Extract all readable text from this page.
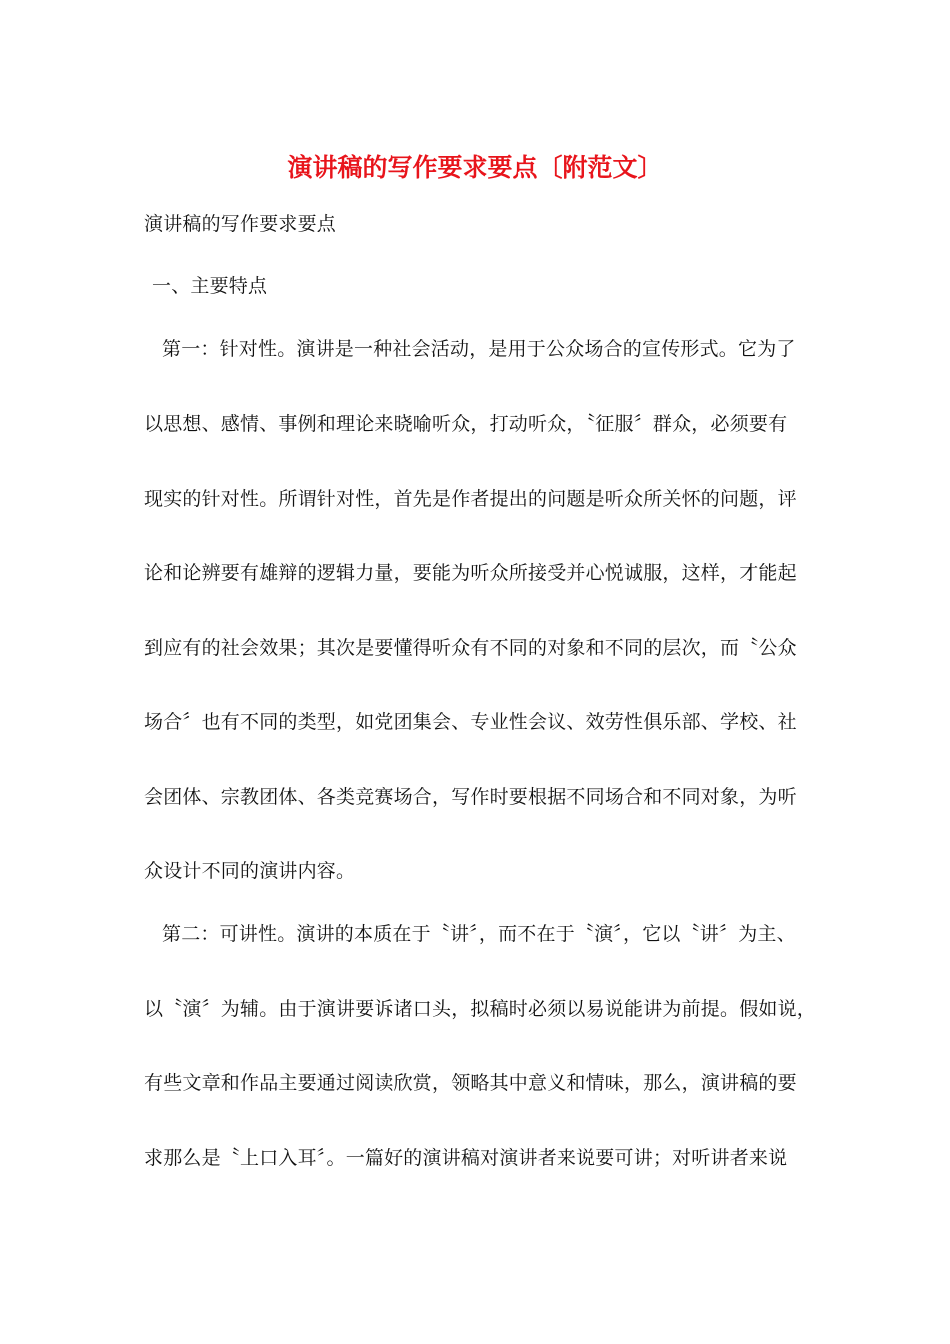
演讲稿的写作要求要点〔附范文〕
演讲稿的写作要求要点
一、主要特点
第一：针对性。演讲是一种社会活动，是用于公众场合的宣传形式。它为了
以思想、感情、事例和理论来晓喻听众，打动听众，〝征服〞群众，必须要有
现实的针对性。所谓针对性，首先是作者提出的问题是听众所关怀的问题，评
论和论辨要有雄辩的逻辑力量，要能为听众所接受并心悦诚服，这样，才能起
到应有的社会效果；其次是要懂得听众有不同的对象和不同的层次，而〝公众
场合〞也有不同的类型，如党团集会、专业性会议、效劳性俱乐部、学校、社
会团体、宗教团体、各类竞赛场合，写作时要根据不同场合和不同对象，为听
众设计不同的演讲内容。
第二：可讲性。演讲的本质在于〝讲〞，而不在于〝演〞，它以〝讲〞为主、
以〝演〞为辅。由于演讲要诉诸口头，拟稿时必须以易说能讲为前提。假如说，
有些文章和作品主要通过阅读欣赏，领略其中意义和情味，那么，演讲稿的要
求那么是〝上口入耳〞。一篇好的演讲稿对演讲者来说要可讲；对听讲者来说
